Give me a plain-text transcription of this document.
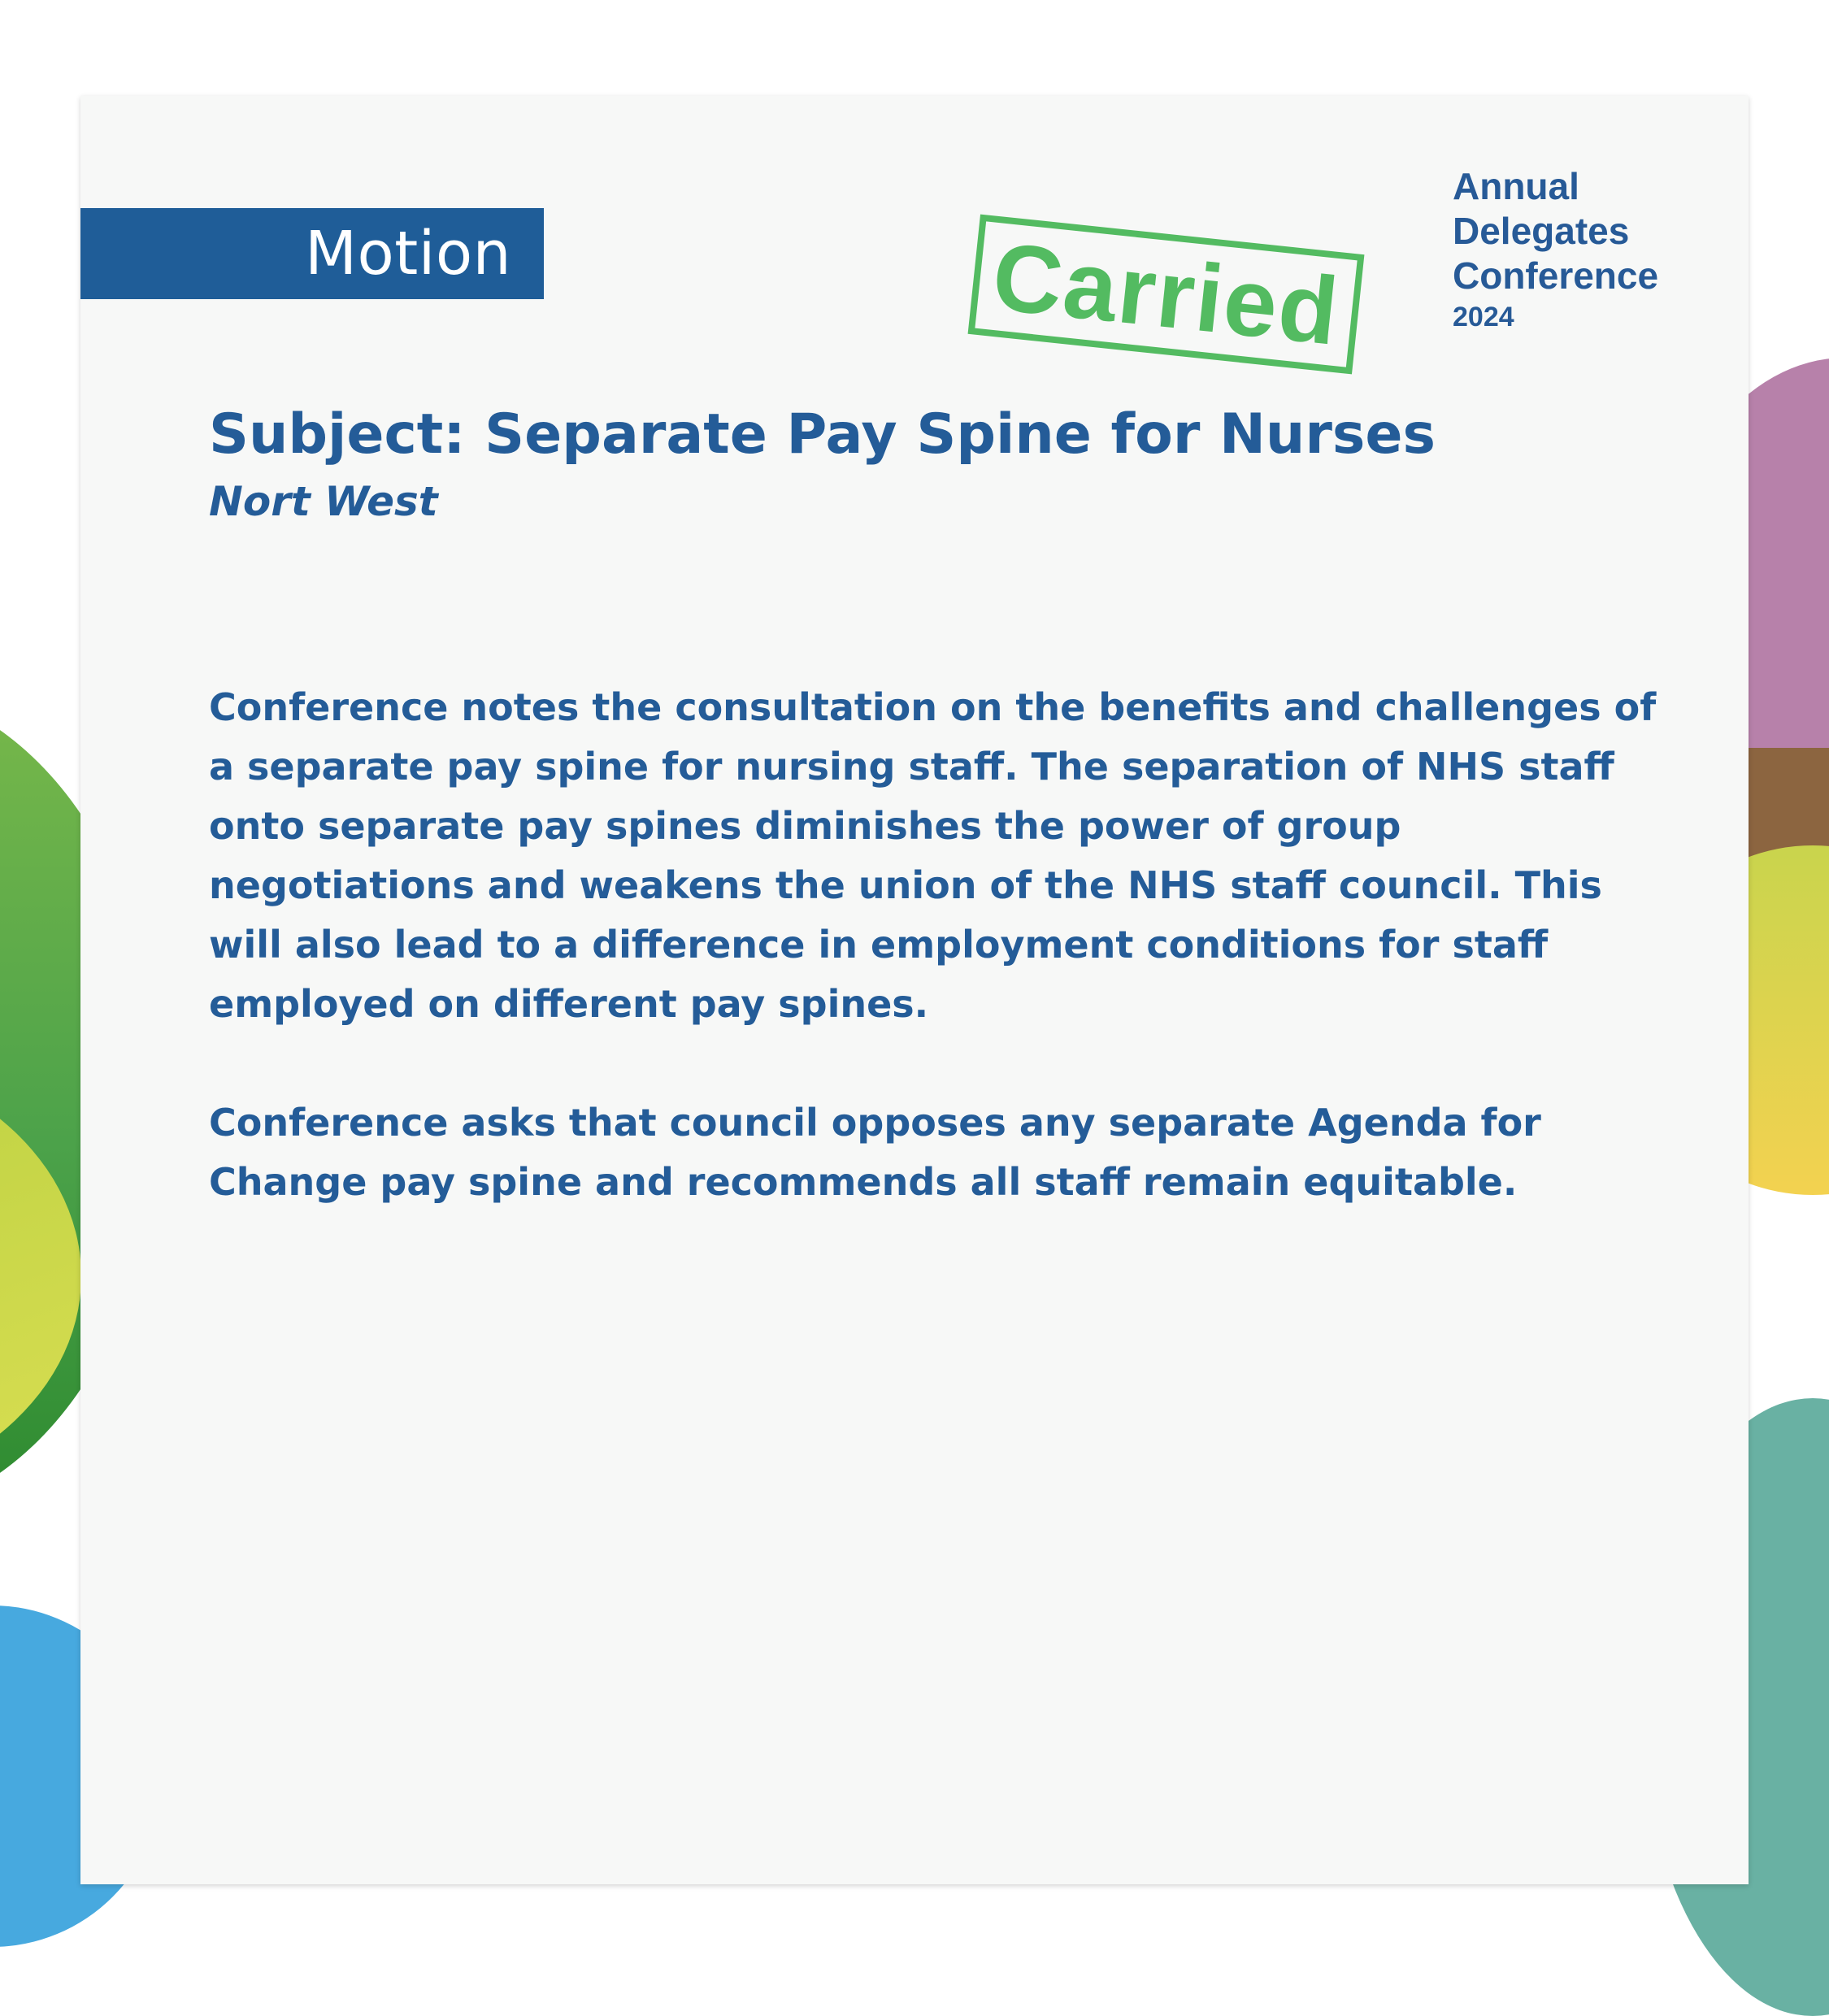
Motion	Carried
Annual
Delegates
Conference
2024
Subject: Separate Pay Spine for Nurses
Nort West

Conference notes the consultation on the benefits and challenges of a separate pay spine for nursing staff. The separation of NHS staff onto separate pay spines diminishes the power of group negotiations and weakens the union of the NHS staff council. This will also lead to a difference in employment conditions for staff employed on different pay spines.

Conference asks that council opposes any separate Agenda for Change pay spine and recommends all staff remain equitable.
